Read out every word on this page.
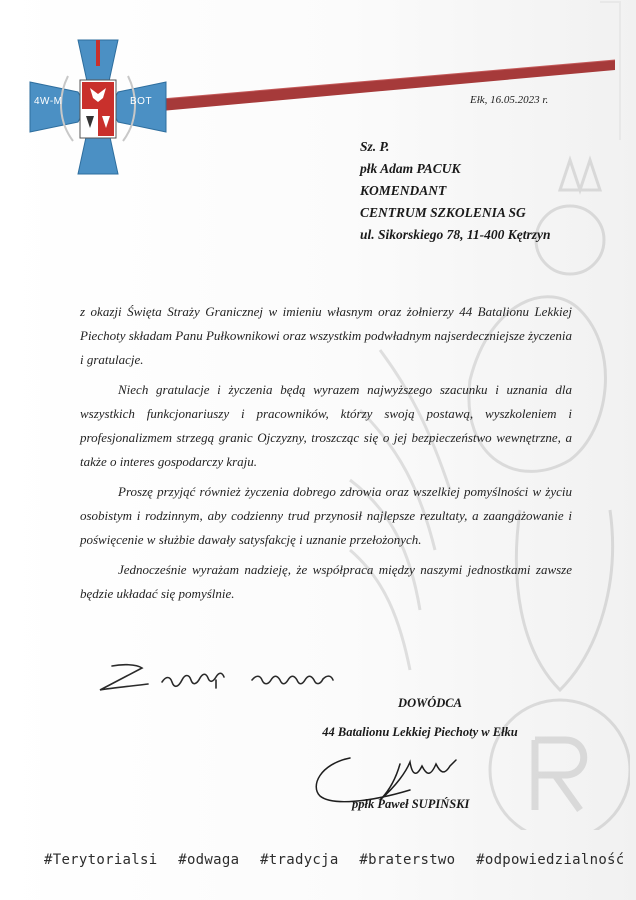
4W-M	BOT	Ełk, 16.05.2023 r.
Sz. P.
płk Adam PACUK
KOMENDANT
CENTRUM SZKOLENIA SG
ul. Sikorskiego 78, 11-400 Kętrzyn

z okazji Święta Straży Granicznej w imieniu własnym oraz żołnierzy 44 Batalionu Lekkiej Piechoty składam Panu Pułkownikowi oraz wszystkim podwładnym najserdeczniejsze życzenia i gratulacje.

Niech gratulacje i życzenia będą wyrazem najwyższego szacunku i uznania dla wszystkich funkcjonariuszy i pracowników, którzy swoją postawą, wyszkoleniem i profesjonalizmem strzegą granic Ojczyzny, troszcząc się o jej bezpieczeństwo wewnętrzne, a także o interes gospodarczy kraju.

Proszę przyjąć również życzenia dobrego zdrowia oraz wszelkiej pomyślności w życiu osobistym i rodzinnym, aby codzienny trud przynosił najlepsze rezultaty, a zaangażowanie i poświęcenie w służbie dawały satysfakcję i uznanie przełożonych.

Jednocześnie wyrażam nadzieję, że współpraca między naszymi jednostkami zawsze będzie układać się pomyślnie.

DOWÓDCA
44 Batalionu Lekkiej Piechoty w Ełku
ppłk Paweł SUPIŃSKI
#Terytorialsi #odwaga #tradycja #braterstwo #odpowiedzialność
